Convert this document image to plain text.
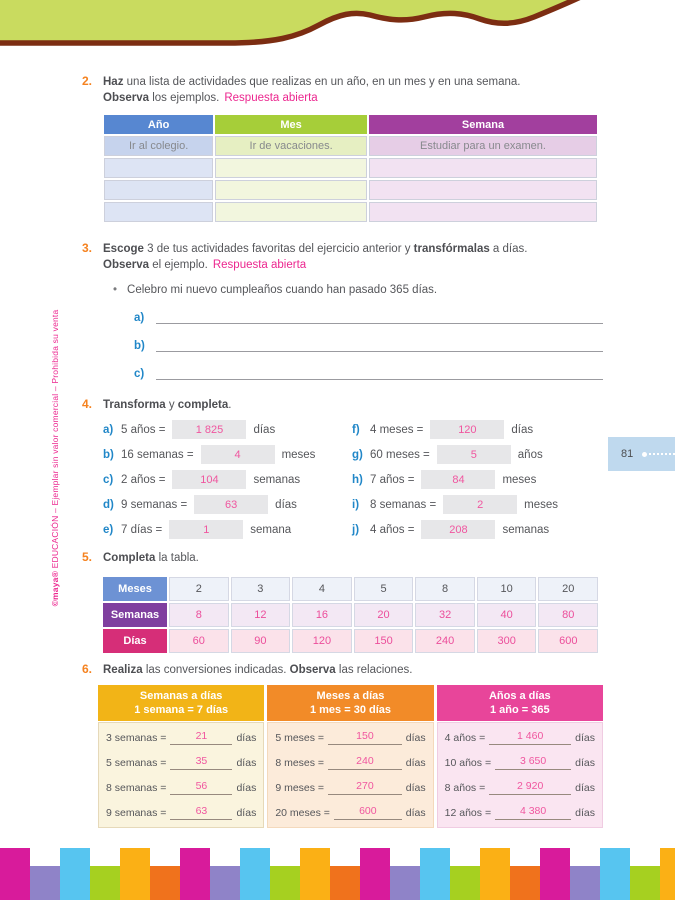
©maya® EDUCACIÓN – Ejemplar sin valor comercial – Prohibida su venta	81
2. Haz una lista de actividades que realizas en un año, en un mes y en una semana.
Observa los ejemplos. Respuesta abierta

Año	Mes	Semana
Ir al colegio.	Ir de vacaciones.	Estudiar para un examen.

3. Escoge 3 de tus actividades favoritas del ejercicio anterior y transfórmalas a días.
Observa el ejemplo. Respuesta abierta

• Celebro mi nuevo cumpleaños cuando han pasado 365 días.
a)
b)
c)
4. Transforma y completa.

a) 5 años =	1 825	días
b) 16 semanas =	4	meses
c) 2 años =	104	semanas
d) 9 semanas =	63	días
e) 7 días =	1	semana
f) 4 meses =	120	días
g) 60 meses =	5	años
h) 7 años =	84	meses
i) 8 semanas =	2	meses
j) 4 años =	208	semanas
5. Completa la tabla.

Meses	2	3	4	5	8	10	20
Semanas	8	12	16	20	32	40	80
Días	60	90	120	150	240	300	600
6. Realiza las conversiones indicadas. Observa las relaciones.

Semanas a días
1 semana = 7 días
3 semanas =	21	días
5 semanas =	35	días
8 semanas =	56	días
9 semanas =	63	días
Meses a días
1 mes = 30 días
5 meses =	150	días
8 meses =	240	días
9 meses =	270	días
20 meses =	600	días
Años a días
1 año = 365
4 años =	1 460	días
10 años =	3 650	días
8 años =	2 920	días
12 años =	4 380	días
